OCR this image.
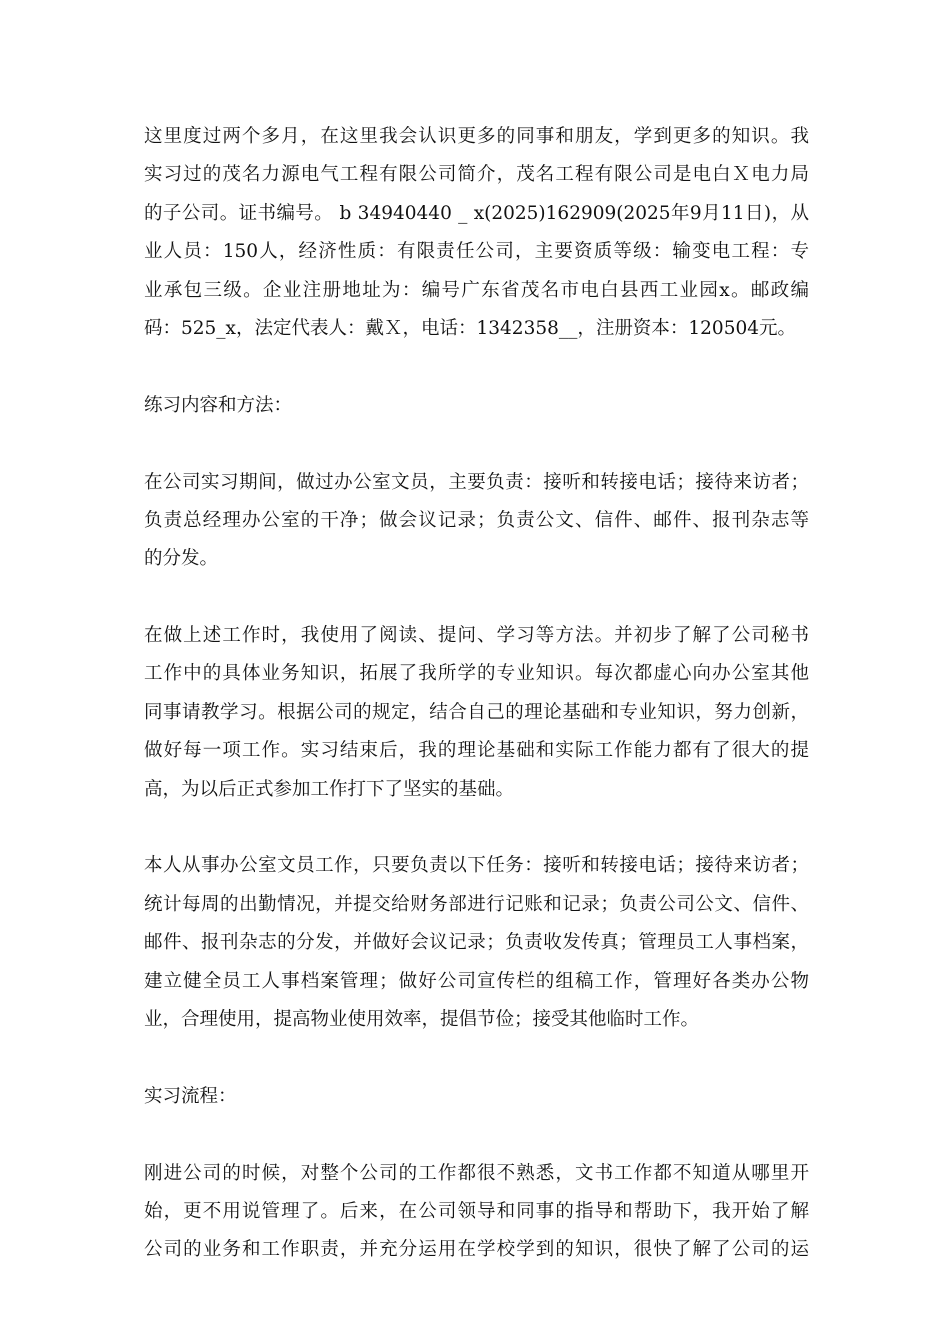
这里度过两个多月，在这里我会认识更多的同事和朋友，学到更多的知识。我
实习过的茂名力源电气工程有限公司简介，茂名工程有限公司是电白Ｘ电力局
的子公司。证书编号。 b 34940440 _ x(2025)162909(2025年9月11日)，从
业人员：150人，经济性质：有限责任公司，主要资质等级：输变电工程：专
业承包三级。企业注册地址为：编号广东省茂名市电白县西工业园x。邮政编
码：525_x，法定代表人：戴Ｘ，电话：1342358__，注册资本：120504元。
练习内容和方法：
在公司实习期间，做过办公室文员，主要负责：接听和转接电话；接待来访者；
负责总经理办公室的干净；做会议记录；负责公文、信件、邮件、报刊杂志等
的分发。
在做上述工作时，我使用了阅读、提问、学习等方法。并初步了解了公司秘书
工作中的具体业务知识，拓展了我所学的专业知识。每次都虚心向办公室其他
同事请教学习。根据公司的规定，结合自己的理论基础和专业知识，努力创新，
做好每一项工作。实习结束后，我的理论基础和实际工作能力都有了很大的提
高，为以后正式参加工作打下了坚实的基础。
本人从事办公室文员工作，只要负责以下任务：接听和转接电话；接待来访者；
统计每周的出勤情况，并提交给财务部进行记账和记录；负责公司公文、信件、
邮件、报刊杂志的分发，并做好会议记录；负责收发传真；管理员工人事档案，
建立健全员工人事档案管理；做好公司宣传栏的组稿工作，管理好各类办公物
业，合理使用，提高物业使用效率，提倡节俭；接受其他临时工作。
实习流程：
刚进公司的时候，对整个公司的工作都很不熟悉，文书工作都不知道从哪里开
始，更不用说管理了。后来，在公司领导和同事的指导和帮助下，我开始了解
公司的业务和工作职责，并充分运用在学校学到的知识，很快了解了公司的运
